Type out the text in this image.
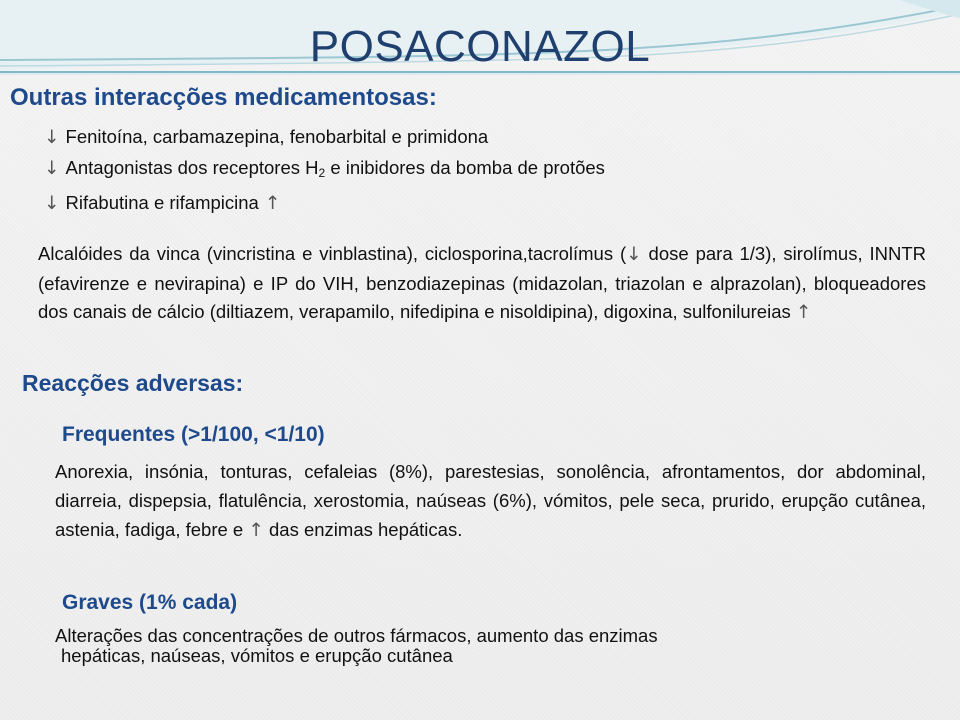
POSACONAZOL
Outras interacções medicamentosas:
↓ Fenitoína, carbamazepina, fenobarbital e primidona
↓ Antagonistas dos receptores $H_2$ e inibidores da bomba de protões
↓ Rifabutina e rifampicina ↑
Alcalóides da vinca (vincristina e vinblastina), ciclosporina,tacrolímus (↓ dose para 1/3), sirolímus, INNTR (efavirenze e nevirapina) e IP do VIH, benzodiazepinas (midazolan, triazolan e alprazolan), bloqueadores dos canais de cálcio (diltiazem, verapamilo, nifedipina e nisoldipina), digoxina, sulfonilureias ↑
Reacções adversas:
Frequentes (>1/100, <1/10)
Anorexia, insónia, tonturas, cefaleias (8%), parestesias, sonolência, afrontamentos, dor abdominal, diarreia, dispepsia, flatulência, xerostomia, naúseas (6%), vómitos, pele seca, prurido, erupção cutânea, astenia, fadiga, febre e ↑ das enzimas hepáticas.
Graves (1% cada)
Alterações das concentrações de outros fármacos, aumento das enzimas
hepáticas, naúseas, vómitos e erupção cutânea
